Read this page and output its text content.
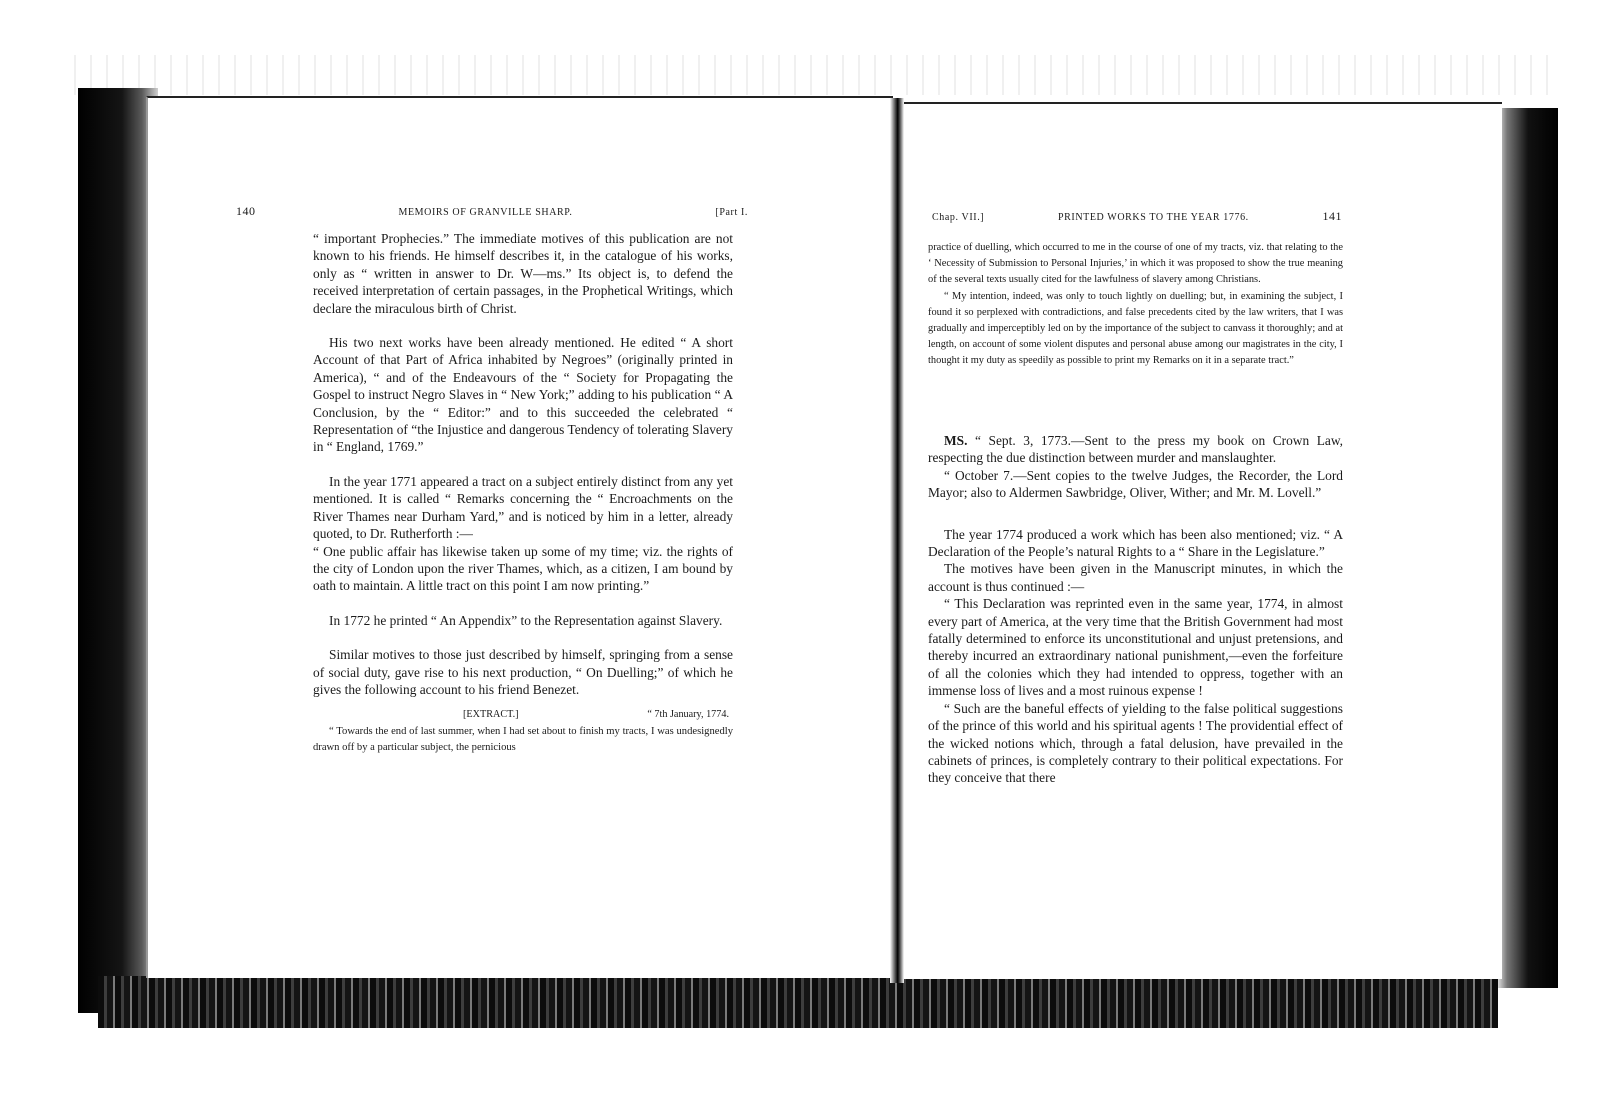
140	MEMOIRS OF GRANVILLE SHARP.	[Part I.

“ important Prophecies.” The immediate motives of this publication are not known to his friends. He himself describes it, in the catalogue of his works, only as “ written in answer to Dr. W—ms.” Its object is, to defend the received interpretation of certain passages, in the Prophetical Writings, which declare the miraculous birth of Christ.

His two next works have been already mentioned. He edited “ A short Account of that Part of Africa inhabited by Negroes” (originally printed in America), “ and of the Endeavours of the “ Society for Propagating the Gospel to instruct Negro Slaves in “ New York;” adding to his publication “ A Conclusion, by the “ Editor:” and to this succeeded the celebrated “ Representation of “the Injustice and dangerous Tendency of tolerating Slavery in “ England, 1769.”

In the year 1771 appeared a tract on a subject entirely distinct from any yet mentioned. It is called “ Remarks concerning the “ Encroachments on the River Thames near Durham Yard,” and is noticed by him in a letter, already quoted, to Dr. Rutherforth :—

“ One public affair has likewise taken up some of my time; viz. the rights of the city of London upon the river Thames, which, as a citizen, I am bound by oath to maintain. A little tract on this point I am now printing.”

In 1772 he printed “ An Appendix” to the Representation against Slavery.

Similar motives to those just described by himself, springing from a sense of social duty, gave rise to his next production, “ On Duelling;” of which he gives the following account to his friend Benezet.

[EXTRACT.]	“ 7th January, 1774.

“ Towards the end of last summer, when I had set about to finish my tracts, I was undesignedly drawn off by a particular subject, the pernicious

Chap. VII.]	PRINTED WORKS TO THE YEAR 1776.	141

practice of duelling, which occurred to me in the course of one of my tracts, viz. that relating to the ‘ Necessity of Submission to Personal Injuries,’ in which it was proposed to show the true meaning of the several texts usually cited for the lawfulness of slavery among Christians.

“ My intention, indeed, was only to touch lightly on duelling; but, in examining the subject, I found it so perplexed with contradictions, and false precedents cited by the law writers, that I was gradually and imperceptibly led on by the importance of the subject to canvass it thoroughly; and at length, on account of some violent disputes and personal abuse among our magistrates in the city, I thought it my duty as speedily as possible to print my Remarks on it in a separate tract.”

MS. “ Sept. 3, 1773.—Sent to the press my book on Crown Law, respecting the due distinction between murder and manslaughter.

“ October 7.—Sent copies to the twelve Judges, the Recorder, the Lord Mayor; also to Aldermen Sawbridge, Oliver, Wither; and Mr. M. Lovell.”

The year 1774 produced a work which has been also mentioned; viz. “ A Declaration of the People’s natural Rights to a “ Share in the Legislature.”

The motives have been given in the Manuscript minutes, in which the account is thus continued :—

“ This Declaration was reprinted even in the same year, 1774, in almost every part of America, at the very time that the British Government had most fatally determined to enforce its unconstitutional and unjust pretensions, and thereby incurred an extraordinary national punishment,—even the forfeiture of all the colonies which they had intended to oppress, together with an immense loss of lives and a most ruinous expense !

“ Such are the baneful effects of yielding to the false political suggestions of the prince of this world and his spiritual agents ! The providential effect of the wicked notions which, through a fatal delusion, have prevailed in the cabinets of princes, is completely contrary to their political expectations. For they conceive that there
